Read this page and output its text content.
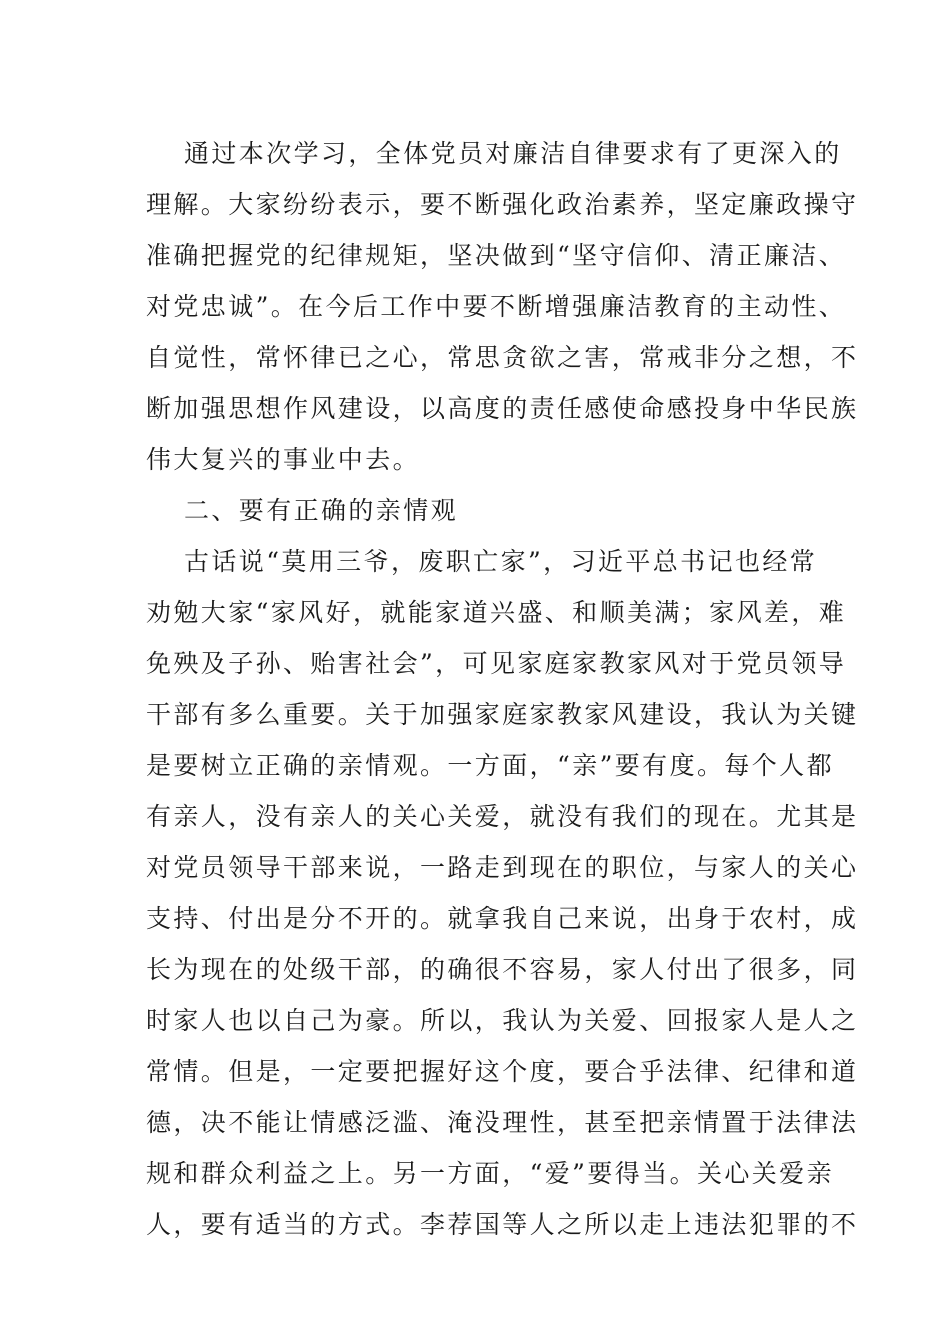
通过本次学习，全体党员对廉洁自律要求有了更深入的
理解。大家纷纷表示，要不断强化政治素养，坚定廉政操守
准确把握党的纪律规矩，坚决做到“坚守信仰、清正廉洁、
对党忠诚”。在今后工作中要不断增强廉洁教育的主动性、
自觉性，常怀律已之心，常思贪欲之害，常戒非分之想，不
断加强思想作风建设，以高度的责任感使命感投身中华民族
伟大复兴的事业中去。
二、要有正确的亲情观
古话说“莫用三爷，废职亡家”，习近平总书记也经常
劝勉大家“家风好，就能家道兴盛、和顺美满；家风差，难
免殃及子孙、贻害社会”，可见家庭家教家风对于党员领导
干部有多么重要。关于加强家庭家教家风建设，我认为关键
是要树立正确的亲情观。一方面，“亲”要有度。每个人都
有亲人，没有亲人的关心关爱，就没有我们的现在。尤其是
对党员领导干部来说，一路走到现在的职位，与家人的关心
支持、付出是分不开的。就拿我自己来说，出身于农村，成
长为现在的处级干部，的确很不容易，家人付出了很多，同
时家人也以自己为豪。所以，我认为关爱、回报家人是人之
常情。但是，一定要把握好这个度，要合乎法律、纪律和道
德，决不能让情感泛滥、淹没理性，甚至把亲情置于法律法
规和群众利益之上。另一方面，“爱”要得当。关心关爱亲
人，要有适当的方式。李荐国等人之所以走上违法犯罪的不
